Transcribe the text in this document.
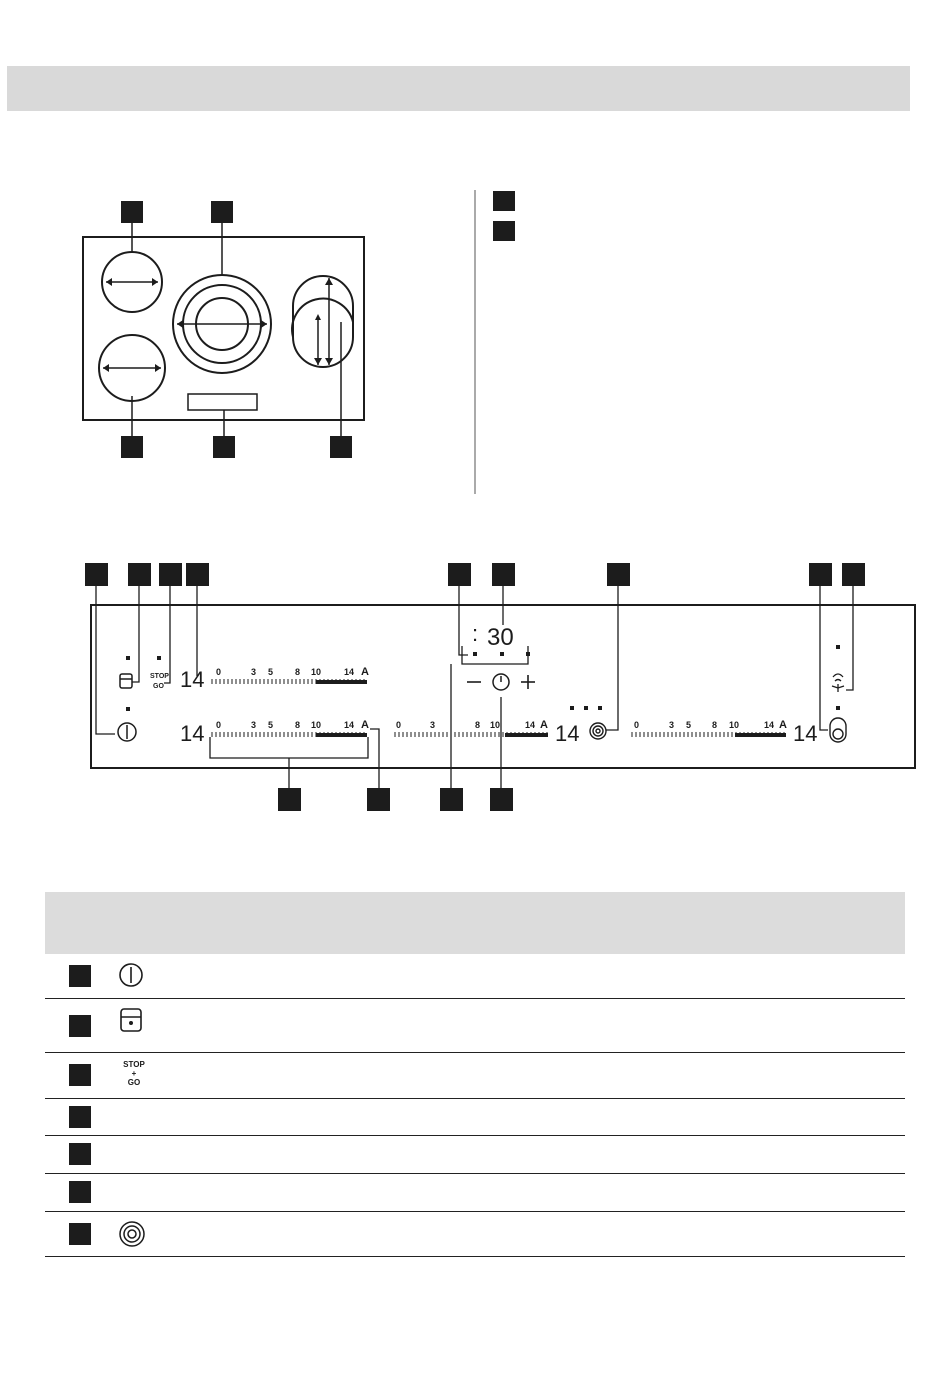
STOP
GO 14
14	14	14
: 30
0	3 5 8 10	14 A
0	3 5 8 10	14 A	0	3	8 10	14 A	0	3 5 8 10	14 A
STOP
+
GO
